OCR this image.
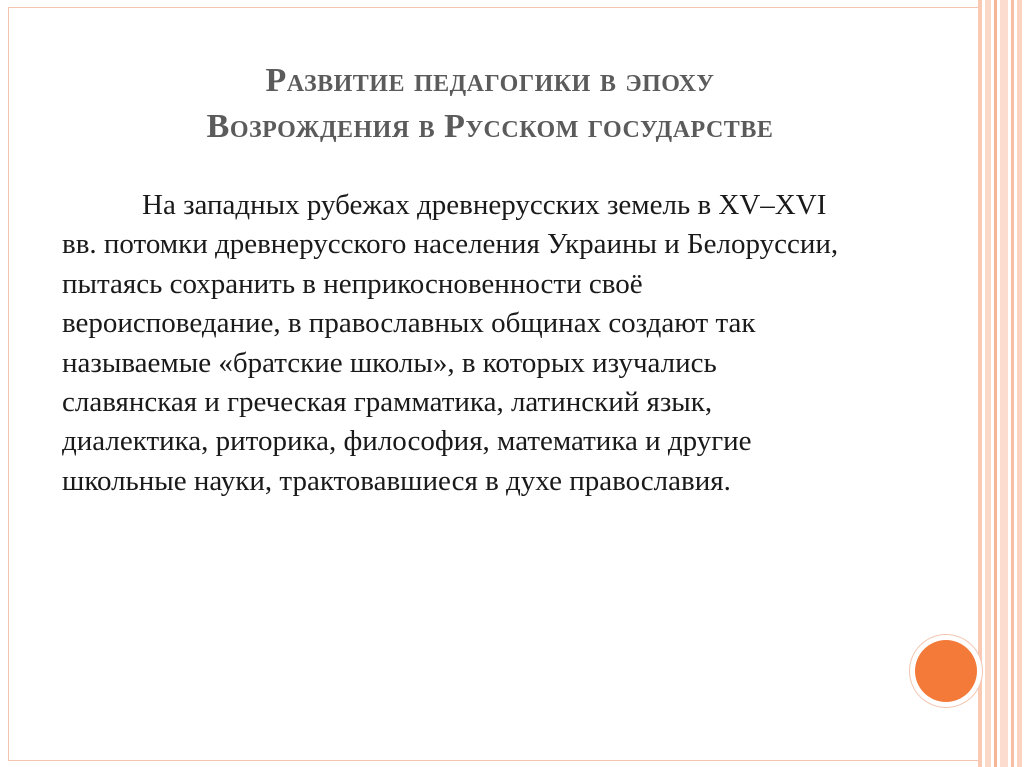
Развитие педагогики в эпоху
Возрождения в Русском государстве
На западных рубежах древнерусских земель в XV–XVI вв. потомки древнерусского населения Украины и Белоруссии, пытаясь сохранить в неприкосновенности своё вероисповедание, в православных общинах создают так называемые «братские школы», в которых изучались славянская и греческая грамматика, латинский язык, диалектика, риторика, философия, математика и другие школьные науки, трактовавшиеся в духе православия.
